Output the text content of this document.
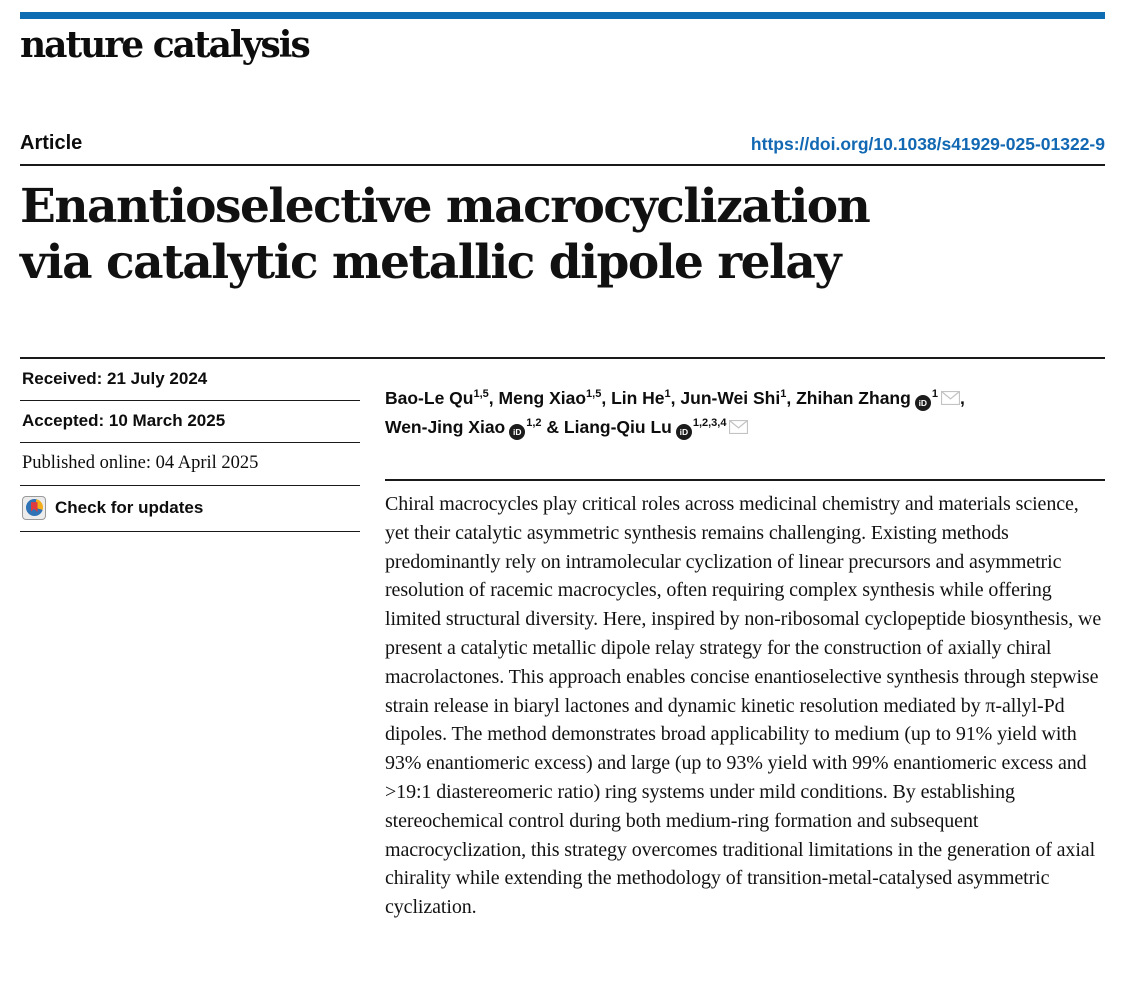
nature catalysis
Article	https://doi.org/10.1038/s41929-025-01322-9
Enantioselective macrocyclization
via catalytic metallic dipole relay
Received: 21 July 2024
Accepted: 10 March 2025
Published online: 04 April 2025
Check for updates

Bao-Le Qu$^{1,5}$, Meng Xiao$^{1,5}$, Lin He$^1$, Jun-Wei Shi$^1$, Zhihan Zhang $iD^1$ ,
Wen-Jing Xiao iD$^{1,2}$ & Liang-Qiu Lu iD$^{1,2,3,4}$

Chiral macrocycles play critical roles across medicinal chemistry and materials science, yet their catalytic asymmetric synthesis remains challenging. Existing methods predominantly rely on intramolecular cyclization of linear precursors and asymmetric resolution of racemic macrocycles, often requiring complex synthesis while offering limited structural diversity. Here, inspired by non-ribosomal cyclopeptide biosynthesis, we present a catalytic metallic dipole relay strategy for the construction of axially chiral macrolactones. This approach enables concise enantioselective synthesis through stepwise strain release in biaryl lactones and dynamic kinetic resolution mediated by π-allyl-Pd dipoles. The method demonstrates broad applicability to medium (up to 91% yield with 93% enantiomeric excess) and large (up to 93% yield with 99% enantiomeric excess and >19:1 diastereomeric ratio) ring systems under mild conditions. By establishing stereochemical control during both medium-ring formation and subsequent macrocyclization, this strategy overcomes traditional limitations in the generation of axial chirality while extending the methodology of transition-metal-catalysed asymmetric cyclization.
